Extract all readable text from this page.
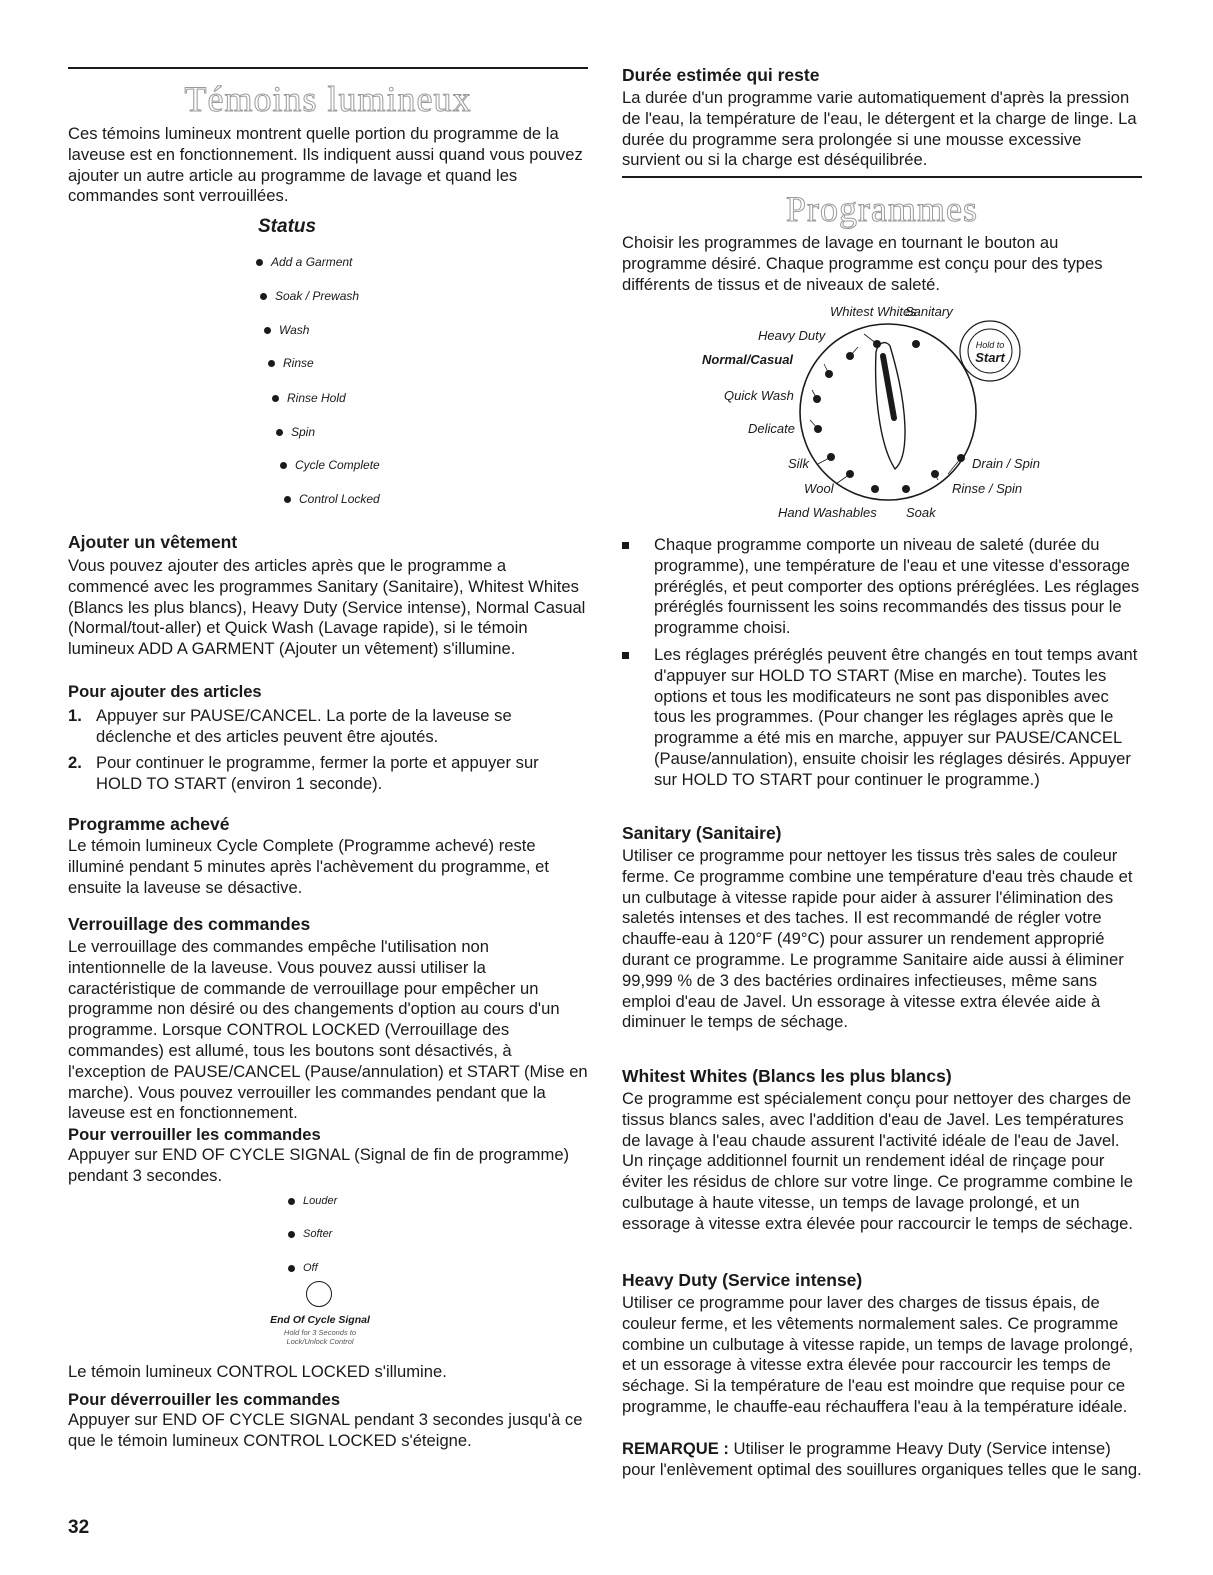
Témoins lumineux

Ces témoins lumineux montrent quelle portion du programme de la laveuse est en fonctionnement. Ils indiquent aussi quand vous pouvez ajouter un autre article au programme de lavage et quand les commandes sont verrouillées.

Status
Add a Garment
Soak / Prewash
Wash
Rinse
Rinse Hold
Spin
Cycle Complete
Control Locked
Ajouter un vêtement

Vous pouvez ajouter des articles après que le programme a commencé avec les programmes Sanitary (Sanitaire), Whitest Whites (Blancs les plus blancs), Heavy Duty (Service intense), Normal Casual (Normal/tout-aller) et Quick Wash (Lavage rapide), si le témoin lumineux ADD A GARMENT (Ajouter un vêtement) s'illumine.

Pour ajouter des articles
1. Appuyer sur PAUSE/CANCEL. La porte de la laveuse se déclenche et des articles peuvent être ajoutés.
2. Pour continuer le programme, fermer la porte et appuyer sur HOLD TO START (environ 1 seconde).
Programme achevé

Le témoin lumineux Cycle Complete (Programme achevé) reste illuminé pendant 5 minutes après l'achèvement du programme, et ensuite la laveuse se désactive.

Verrouillage des commandes

Le verrouillage des commandes empêche l'utilisation non intentionnelle de la laveuse. Vous pouvez aussi utiliser la caractéristique de commande de verrouillage pour empêcher un programme non désiré ou des changements d'option au cours d'un programme. Lorsque CONTROL LOCKED (Verrouillage des commandes) est allumé, tous les boutons sont désactivés, à l'exception de PAUSE/CANCEL (Pause/annulation) et START (Mise en marche). Vous pouvez verrouiller les commandes pendant que la laveuse est en fonctionnement.

Pour verrouiller les commandes

Appuyer sur END OF CYCLE SIGNAL (Signal de fin de programme) pendant 3 secondes.

Louder
Softer
Off
End Of Cycle Signal
Hold for 3 Seconds to
Lock/Unlock Control

Le témoin lumineux CONTROL LOCKED s'illumine.

Pour déverrouiller les commandes

Appuyer sur END OF CYCLE SIGNAL pendant 3 secondes jusqu'à ce que le témoin lumineux CONTROL LOCKED s'éteigne.

32
Durée estimée qui reste

La durée d'un programme varie automatiquement d'après la pression de l'eau, la température de l'eau, le détergent et la charge de linge. La durée du programme sera prolongée si une mousse excessive survient ou si la charge est déséquilibrée.

Programmes

Choisir les programmes de lavage en tournant le bouton au programme désiré. Chaque programme est conçu pour des types différents de tissus et de niveaux de saleté.

Hold to
Start
Whitest Whites
Sanitary
Heavy Duty
Normal/Casual
Quick Wash
Delicate
Silk
Wool
Hand Washables Soak
Rinse / Spin
Drain / Spin
Chaque programme comporte un niveau de saleté (durée du programme), une température de l'eau et une vitesse d'essorage préréglés, et peut comporter des options préréglées. Les réglages préréglés fournissent les soins recommandés des tissus pour le programme choisi.
Les réglages préréglés peuvent être changés en tout temps avant d'appuyer sur HOLD TO START (Mise en marche). Toutes les options et tous les modificateurs ne sont pas disponibles avec tous les programmes. (Pour changer les réglages après que le programme a été mis en marche, appuyer sur PAUSE/CANCEL (Pause/annulation), ensuite choisir les réglages désirés. Appuyer sur HOLD TO START pour continuer le programme.)
Sanitary (Sanitaire)

Utiliser ce programme pour nettoyer les tissus très sales de couleur ferme. Ce programme combine une température d'eau très chaude et un culbutage à vitesse rapide pour aider à assurer l'élimination des saletés intenses et des taches. Il est recommandé de régler votre chauffe-eau à 120°F (49°C) pour assurer un rendement approprié durant ce programme. Le programme Sanitaire aide aussi à éliminer 99,999 % de 3 des bactéries ordinaires infectieuses, même sans emploi d'eau de Javel. Un essorage à vitesse extra élevée aide à diminuer le temps de séchage.

Whitest Whites (Blancs les plus blancs)

Ce programme est spécialement conçu pour nettoyer des charges de tissus blancs sales, avec l'addition d'eau de Javel. Les températures de lavage à l'eau chaude assurent l'activité idéale de l'eau de Javel. Un rinçage additionnel fournit un rendement idéal de rinçage pour éviter les résidus de chlore sur votre linge. Ce programme combine le culbutage à haute vitesse, un temps de lavage prolongé, et un essorage à vitesse extra élevée pour raccourcir le temps de séchage.

Heavy Duty (Service intense)

Utiliser ce programme pour laver des charges de tissus épais, de couleur ferme, et les vêtements normalement sales. Ce programme combine un culbutage à vitesse rapide, un temps de lavage prolongé, et un essorage à vitesse extra élevée pour raccourcir les temps de séchage. Si la température de l'eau est moindre que requise pour ce programme, le chauffe-eau réchauffera l'eau à la température idéale.

REMARQUE : Utiliser le programme Heavy Duty (Service intense) pour l'enlèvement optimal des souillures organiques telles que le sang.
